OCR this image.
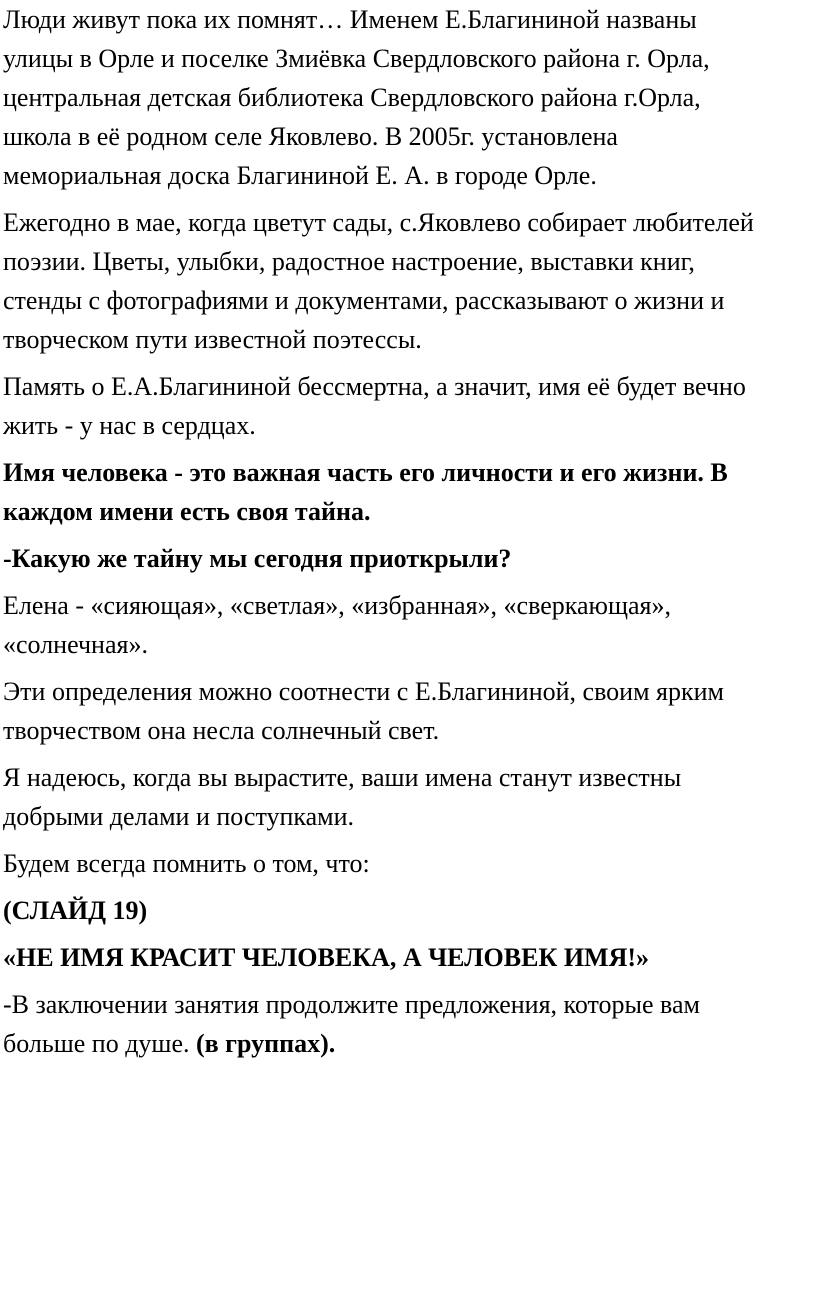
Люди живут пока их помнят… Именем Е.Благининой названы
улицы в Орле и поселке Змиёвка Свердловского района г. Орла,
центральная детская библиотека Свердловского района г.Орла,
школа в её родном селе Яковлево. В 2005г. установлена
мемориальная доска Благининой Е. А. в городе Орле.
Ежегодно в мае, когда цветут сады, с.Яковлево собирает любителей
поэзии. Цветы, улыбки, радостное настроение, выставки книг,
стенды с фотографиями и документами, рассказывают о жизни и
творческом пути известной поэтессы.
Память о Е.А.Благининой бессмертна, а значит, имя её будет вечно
жить - у нас в сердцах.
Имя человека - это важная часть его личности и его жизни. В
каждом имени есть своя тайна.
-Какую же тайну мы сегодня приоткрыли?
Елена - «сияющая», «светлая», «избранная», «сверкающая»,
«солнечная».
Эти определения можно соотнести с Е.Благининой, своим ярким
творчеством она несла солнечный свет.
Я надеюсь, когда вы вырастите, ваши имена станут известны
добрыми делами и поступками.
Будем всегда помнить о том, что:
(СЛАЙД 19)
«НЕ ИМЯ КРАСИТ ЧЕЛОВЕКА, А ЧЕЛОВЕК ИМЯ!»
-В заключении занятия продолжите предложения, которые вам
больше по душе. (в группах).
